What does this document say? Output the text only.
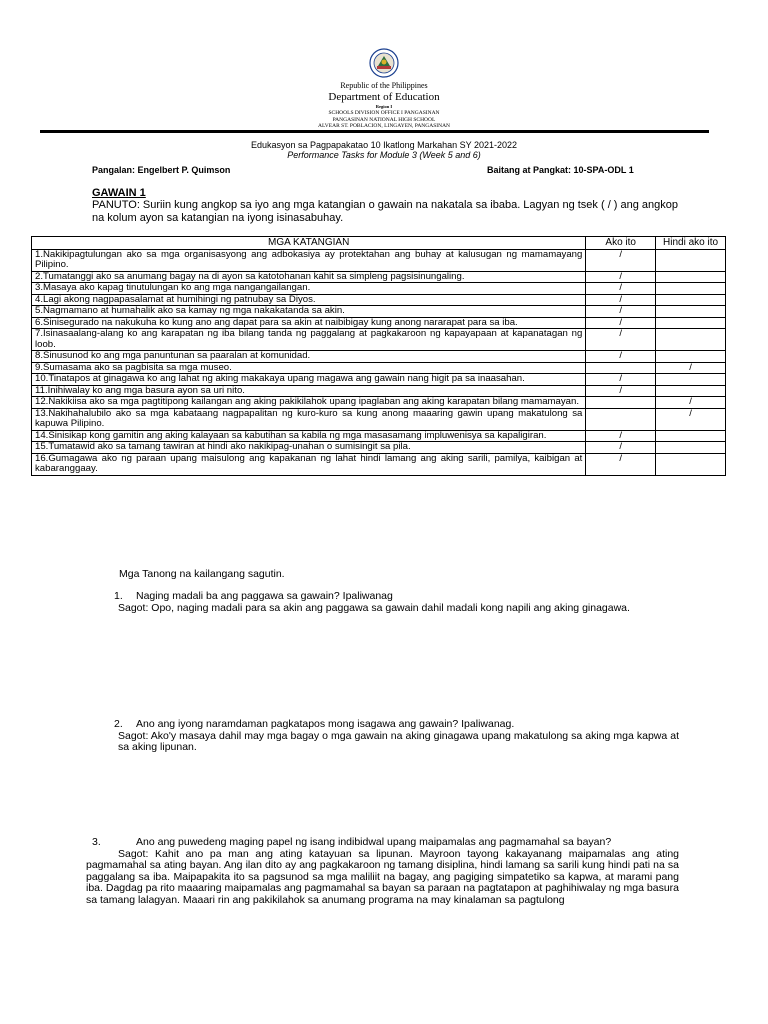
Republic of the Philippines
Department of Education
Region I
SCHOOLS DIVISION OFFICE I PANGASINAN
PANGASINAN NATIONAL HIGH SCHOOL
ALVEAR ST. POBLACION, LINGAYEN, PANGASINAN
Edukasyon sa Pagpapakatao 10 Ikatlong Markahan SY 2021-2022
Performance Tasks for Module 3 (Week 5 and 6)
Pangalan: Engelbert P. Quimson	Baitang at Pangkat: 10-SPA-ODL 1
GAWAIN 1
PANUTO: Suriin kung angkop sa iyo ang mga katangian o gawain na nakatala sa ibaba. Lagyan ng tsek ( / ) ang angkop na kolum ayon sa katangian na iyong isinasabuhay.
MGA KATANGIAN	Ako ito	Hindi ako ito
1.Nakikipagtulungan ako sa mga organisasyong ang adbokasiya ay protektahan ang buhay at kalusugan ng mamamayang Pilipino.	/	
2.Tumatanggi ako sa anumang bagay na di ayon sa katotohanan kahit sa simpleng pagsisinungaling.	/	
3.Masaya ako kapag tinutulungan ko ang mga nangangailangan.	/	
4.Lagi akong nagpapasalamat at humihingi ng patnubay sa Diyos.	/	
5.Nagmamano at humahalik ako sa kamay ng mga nakakatanda sa akin.	/	
6.Sinisegurado na nakukuha ko kung ano ang dapat para sa akin at naibibigay kung anong nararapat para sa iba.	/	
7.Isinasaalang-alang ko ang karapatan ng iba bilang tanda ng paggalang at pagkakaroon ng kapayapaan at kapanatagan ng loob.	/	
8.Sinusunod ko ang mga panuntunan sa paaralan at komunidad.	/	
9.Sumasama ako sa pagbisita sa mga museo.		/
10.Tinatapos at ginagawa ko ang lahat ng aking makakaya upang magawa ang gawain nang higit pa sa inaasahan.	/	
11.Inihiwalay ko ang mga basura ayon sa uri nito.	/	
12.Nakikiisa ako sa mga pagtitipong kailangan ang aking pakikilahok upang ipaglaban ang aking karapatan bilang mamamayan.		/
13.Nakihahalubilo ako sa mga kabataang nagpapalitan ng kuro-kuro sa kung anong maaaring gawin upang makatulong sa kapuwa Pilipino.		/
14.Sinisikap kong gamitin ang aking kalayaan sa kabutihan sa kabila ng mga masasamang impluwenisya sa kapaligiran.	/	
15.Tumatawid ako sa tamang tawiran at hindi ako nakikipag-unahan o sumisingit sa pila.	/	
16.Gumagawa ako ng paraan upang maisulong ang kapakanan ng lahat hindi lamang ang aking sarili, pamilya, kaibigan at kabaranggaay.	/	
Mga Tanong na kailangang sagutin.
1. Naging madali ba ang paggawa sa gawain? Ipaliwanag
Sagot: Opo, naging madali para sa akin ang paggawa sa gawain dahil madali kong napili ang aking ginagawa.
2. Ano ang iyong naramdaman pagkatapos mong isagawa ang gawain? Ipaliwanag.
Sagot: Ako'y masaya dahil may mga bagay o mga gawain na aking ginagawa upang makatulong sa aking mga kapwa at sa aking lipunan.
3.	Ano ang puwedeng maging papel ng isang indibidwal upang maipamalas ang pagmamahal sa bayan?
Sagot: Kahit ano pa man ang ating katayuan sa lipunan. Mayroon tayong kakayanang maipamalas ang ating pagmamahal sa ating bayan. Ang ilan dito ay ang pagkakaroon ng tamang disiplina, hindi lamang sa sarili kung hindi pati na sa paggalang sa iba. Maipapakita ito sa pagsunod sa mga maliliit na bagay, ang pagiging simpatetiko sa kapwa, at marami pang iba. Dagdag pa rito maaaring maipamalas ang pagmamahal sa bayan sa paraan na pagtatapon at paghihiwalay ng mga basura sa tamang lalagyan. Maaari rin ang pakikilahok sa anumang programa na may kinalaman sa pagtulong
